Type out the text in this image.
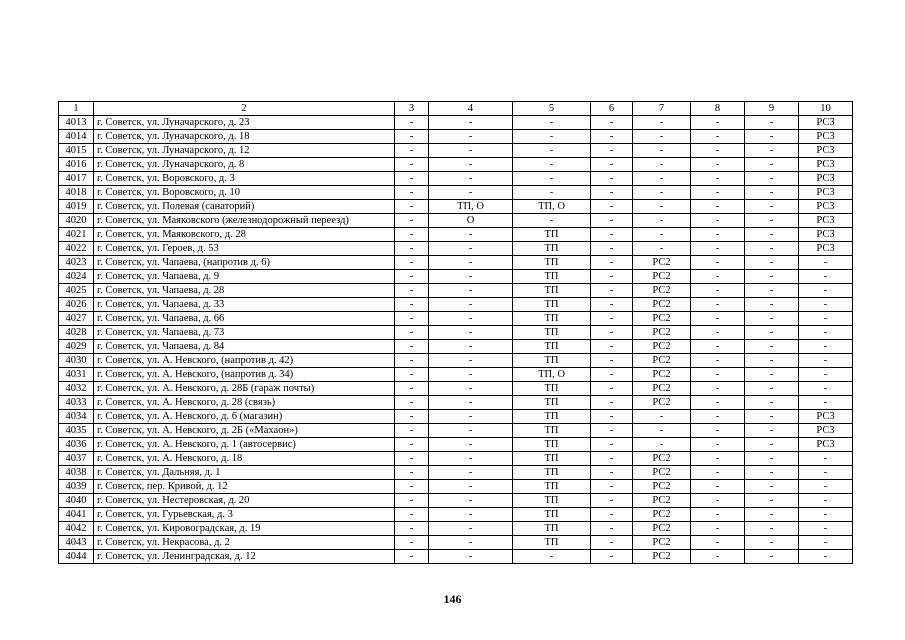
1	2	3	4	5	6	7	8	9	10
4013	г. Советск, ул. Луначарского, д. 23	-	-	-	-	-	-	-	РС3
4014	г. Советск, ул. Луначарского, д. 18	-	-	-	-	-	-	-	РС3
4015	г. Советск, ул. Луначарского, д. 12	-	-	-	-	-	-	-	РС3
4016	г. Советск, ул. Луначарского, д. 8	-	-	-	-	-	-	-	РС3
4017	г. Советск, ул. Воровского, д. 3	-	-	-	-	-	-	-	РС3
4018	г. Советск, ул. Воровского, д. 10	-	-	-	-	-	-	-	РС3
4019	г. Советск, ул. Полевая (санаторий)	-	ТП, О	ТП, О	-	-	-	-	РС3
4020	г. Советск, ул. Маяковского (железнодорожный переезд)	-	О	-	-	-	-	-	РС3
4021	г. Советск, ул. Маяковского, д. 28	-	-	ТП	-	-	-	-	РС3
4022	г. Советск, ул. Героев, д. 53	-	-	ТП	-	-	-	-	РС3
4023	г. Советск, ул. Чапаева, (напротив д. 6)	-	-	ТП	-	РС2	-	-	-
4024	г. Советск, ул. Чапаева, д. 9	-	-	ТП	-	РС2	-	-	-
4025	г. Советск, ул. Чапаева, д. 28	-	-	ТП	-	РС2	-	-	-
4026	г. Советск, ул. Чапаева, д. 33	-	-	ТП	-	РС2	-	-	-
4027	г. Советск, ул. Чапаева, д. 66	-	-	ТП	-	РС2	-	-	-
4028	г. Советск, ул. Чапаева, д. 73	-	-	ТП	-	РС2	-	-	-
4029	г. Советск, ул. Чапаева, д. 84	-	-	ТП	-	РС2	-	-	-
4030	г. Советск, ул. А. Невского, (напротив д. 42)	-	-	ТП	-	РС2	-	-	-
4031	г. Советск, ул. А. Невского, (напротив д. 34)	-	-	ТП, О	-	РС2	-	-	-
4032	г. Советск, ул. А. Невского, д. 28Б (гараж почты)	-	-	ТП	-	РС2	-	-	-
4033	г. Советск, ул. А. Невского, д. 28 (связь)	-	-	ТП	-	РС2	-	-	-
4034	г. Советск, ул. А. Невского, д. 6 (магазин)	-	-	ТП	-	-	-	-	РС3
4035	г. Советск, ул. А. Невского, д. 2Б («Махаон»)	-	-	ТП	-	-	-	-	РС3
4036	г. Советск, ул. А. Невского, д. 1 (автосервис)	-	-	ТП	-	-	-	-	РС3
4037	г. Советск, ул. А. Невского, д. 18	-	-	ТП	-	РС2	-	-	-
4038	г. Советск, ул. Дальняя, д. 1	-	-	ТП	-	РС2	-	-	-
4039	г. Советск, пер. Кривой, д. 12	-	-	ТП	-	РС2	-	-	-
4040	г. Советск, ул. Нестеровская, д. 20	-	-	ТП	-	РС2	-	-	-
4041	г. Советск, ул. Гурьевская, д. 3	-	-	ТП	-	РС2	-	-	-
4042	г. Советск, ул. Кировоградская, д. 19	-	-	ТП	-	РС2	-	-	-
4043	г. Советск, ул. Некрасова, д. 2	-	-	ТП	-	РС2	-	-	-
4044	г. Советск, ул. Ленинградская, д. 12	-	-	-	-	РС2	-	-	-
146
